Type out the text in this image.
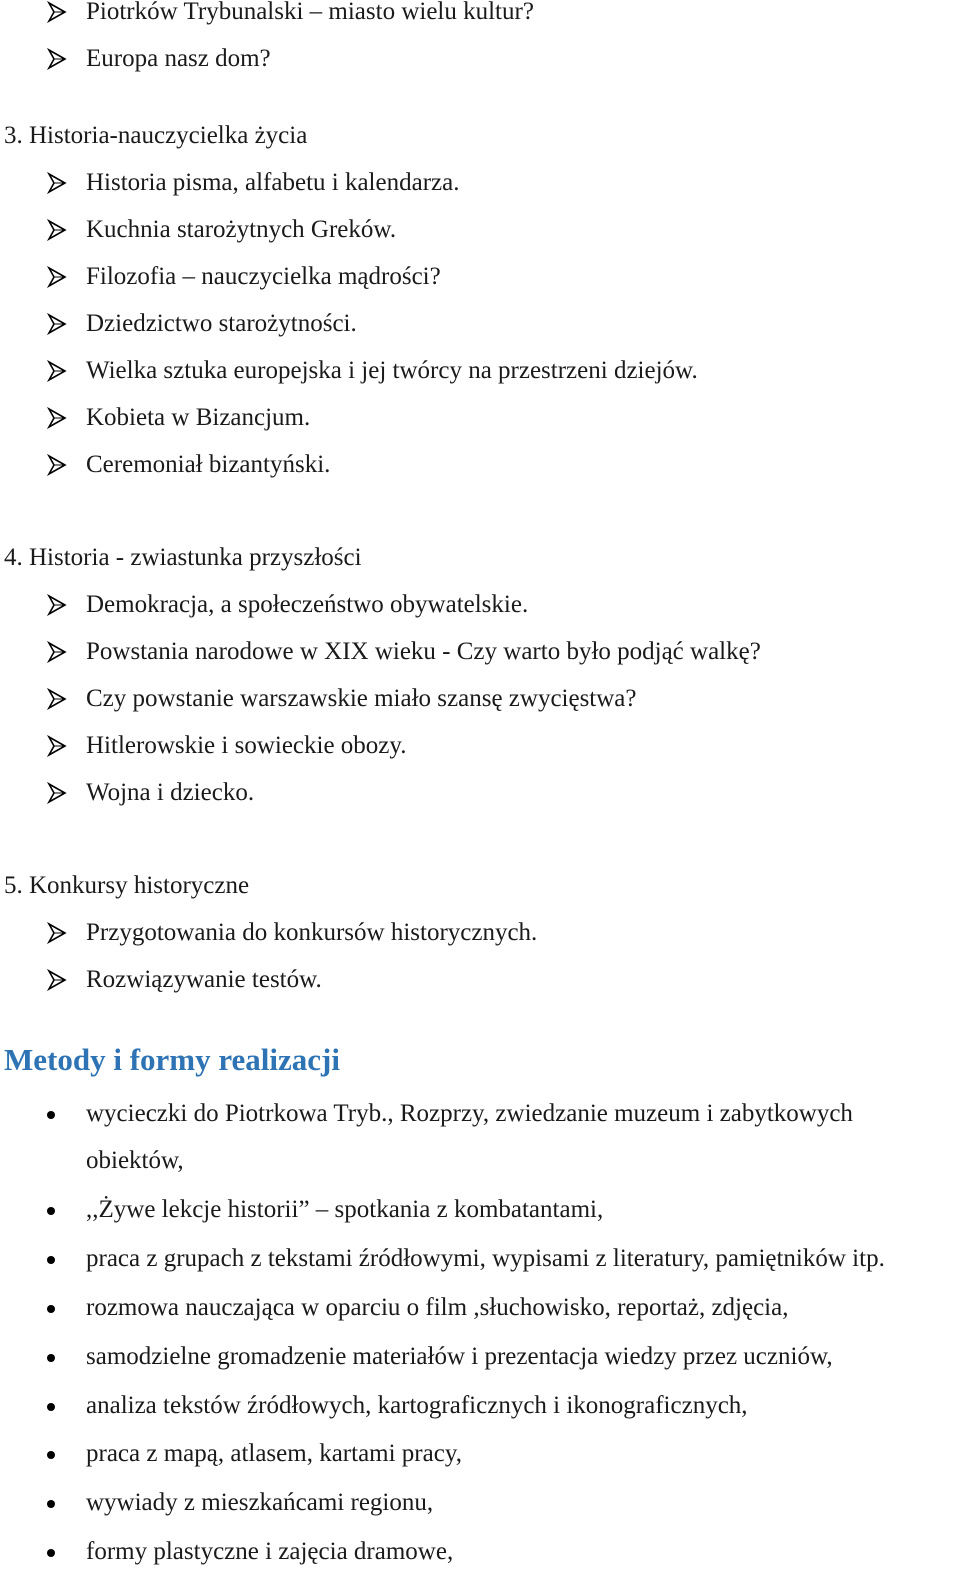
Piotrków Trybunalski – miasto wielu kultur?
Europa nasz dom?
3. Historia-nauczycielka życia
Historia pisma, alfabetu i kalendarza.
Kuchnia starożytnych Greków.
Filozofia – nauczycielka mądrości?
Dziedzictwo starożytności.
Wielka sztuka europejska i jej twórcy na przestrzeni dziejów.
Kobieta w Bizancjum.
Ceremoniał bizantyński.
4. Historia - zwiastunka przyszłości
Demokracja, a społeczeństwo obywatelskie.
Powstania narodowe w XIX wieku - Czy warto było podjąć walkę?
Czy powstanie warszawskie miało szansę zwycięstwa?
Hitlerowskie i sowieckie obozy.
Wojna i dziecko.
5. Konkursy historyczne
Przygotowania do konkursów historycznych.
Rozwiązywanie testów.
Metody i formy realizacji
wycieczki do Piotrkowa Tryb., Rozprzy, zwiedzanie muzeum i zabytkowych
obiektów,
,,Żywe lekcje historii” – spotkania z kombatantami,
praca z grupach z tekstami źródłowymi, wypisami z literatury, pamiętników itp.
rozmowa nauczająca w oparciu o film ,słuchowisko, reportaż, zdjęcia,
samodzielne gromadzenie materiałów i prezentacja wiedzy przez uczniów,
analiza tekstów źródłowych, kartograficznych i ikonograficznych,
praca z mapą, atlasem, kartami pracy,
wywiady z mieszkańcami regionu,
formy plastyczne i zajęcia dramowe,
